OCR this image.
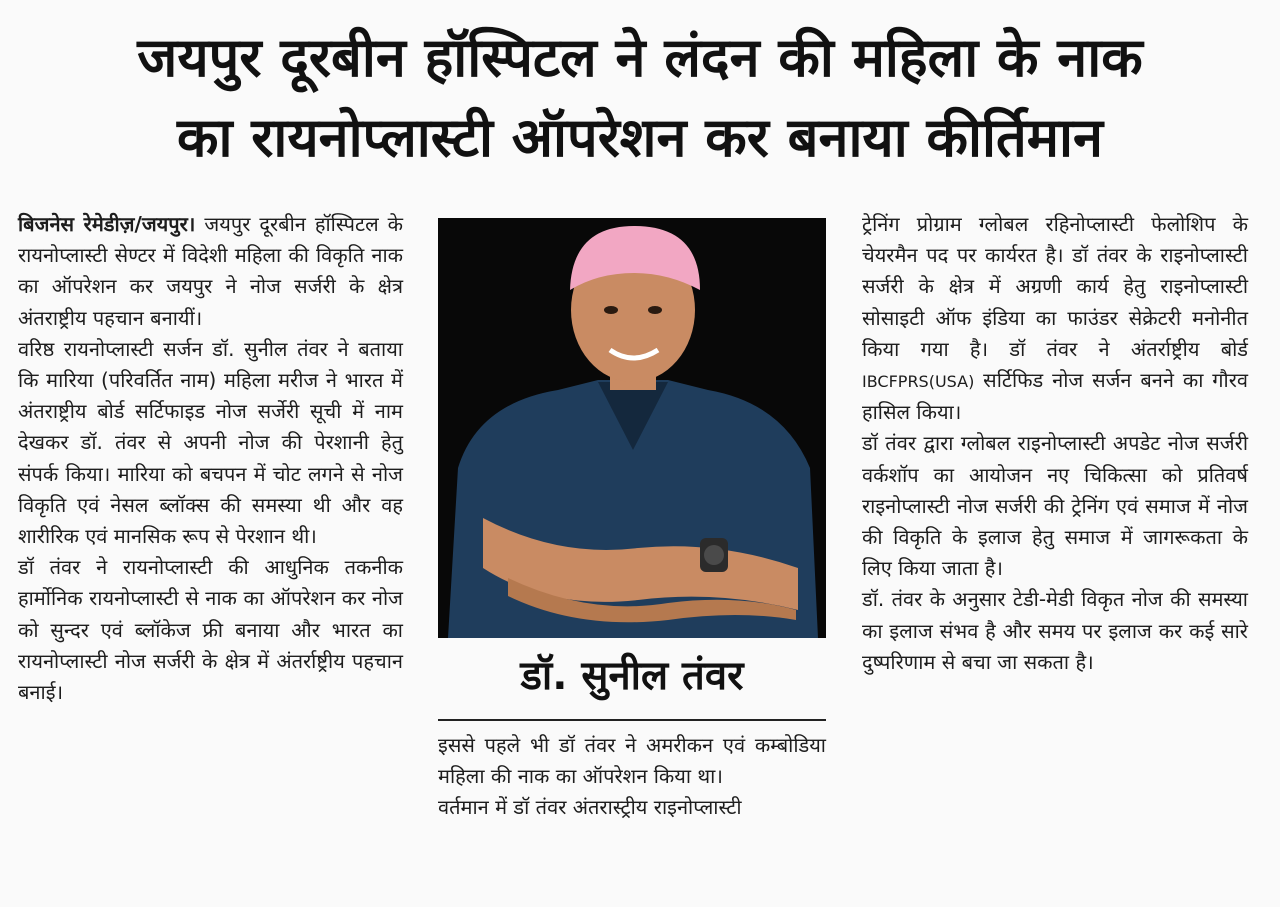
जयपुर दूरबीन हॉस्पिटल ने लंदन की महिला के नाक
का रायनोप्लास्टी ऑपरेशन कर बनाया कीर्तिमान

बिजनेस रेमेडीज़/जयपुर। जयपुर दूरबीन हॉस्पिटल के रायनोप्लास्टी सेण्टर में विदेशी महिला की विकृति नाक का ऑपरेशन कर जयपुर ने नोज सर्जरी के क्षेत्र अंतराष्ट्रीय पहचान बनायीं।

वरिष्ठ रायनोप्लास्टी सर्जन डॉ. सुनील तंवर ने बताया कि मारिया (परिवर्तित नाम) महिला मरीज ने भारत में अंतराष्ट्रीय बोर्ड सर्टिफाइड नोज सर्जेरी सूची में नाम देखकर डॉ. तंवर से अपनी नोज की पेरशानी हेतु संपर्क किया। मारिया को बचपन में चोट लगने से नोज विकृति एवं नेसल ब्लॉक्स की समस्या थी और वह शारीरिक एवं मानसिक रूप से पेरशान थी।

डॉ तंवर ने रायनोप्लास्टी की आधुनिक तकनीक हार्मोनिक रायनोप्लास्टी से नाक का ऑपरेशन कर नोज को सुन्दर एवं ब्लॉकेज फ्री बनाया और भारत का रायनोप्लास्टी नोज सर्जरी के क्षेत्र में अंतर्राष्ट्रीय पहचान बनाई।	डॉ. सुनील तंवर

इससे पहले भी डॉ तंवर ने अमरीकन एवं कम्बोडिया महिला की नाक का ऑपरेशन किया था।

वर्तमान में डॉ तंवर अंतरास्ट्रीय राइनोप्लास्टी

ट्रेनिंग प्रोग्राम ग्लोबल रहिनोप्लास्टी फेलोशिप के चेयरमैन पद पर कार्यरत है। डॉ तंवर के राइनोप्लास्टी सर्जरी के क्षेत्र में अग्रणी कार्य हेतु राइनोप्लास्टी सोसाइटी ऑफ इंडिया का फाउंडर सेक्रेटरी मनोनीत किया गया है। डॉ तंवर ने अंतर्राष्ट्रीय बोर्ड IBCFPRS(USA) सर्टिफिड नोज सर्जन बनने का गौरव हासिल किया।

डॉ तंवर द्वारा ग्लोबल राइनोप्लास्टी अपडेट नोज सर्जरी वर्कशॉप का आयोजन नए चिकित्सा को प्रतिवर्ष राइनोप्लास्टी नोज सर्जरी की ट्रेनिंग एवं समाज में नोज की विकृति के इलाज हेतु समाज में जागरूकता के लिए किया जाता है।

डॉ. तंवर के अनुसार टेडी-मेडी विकृत नोज की समस्या का इलाज संभव है और समय पर इलाज कर कई सारे दुष्परिणाम से बचा जा सकता है।
